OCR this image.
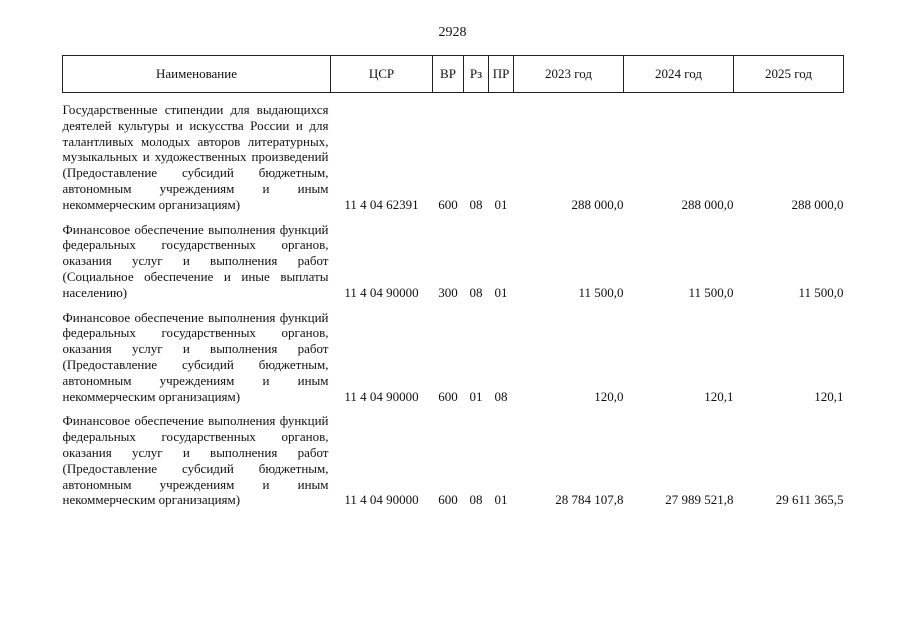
2928
Наименование	ЦСР	ВР	Рз	ПР	2023 год	2024 год	2025 год

Государственные стипендии для выдающихся деятелей культуры и искусства России и для талантливых молодых авторов литературных, музыкальных и художественных произведений (Предоставление субсидий бюджетным, автономным учреждениям и иным некоммерческим организациям)	11 4 04 62391	600	08	01	288 000,0	288 000,0	288 000,0

Финансовое обеспечение выполнения функций федеральных государственных органов, оказания услуг и выполнения работ (Социальное обеспечение и иные выплаты населению)	11 4 04 90000	300	08	01	11 500,0	11 500,0	11 500,0

Финансовое обеспечение выполнения функций федеральных государственных органов, оказания услуг и выполнения работ (Предоставление субсидий бюджетным, автономным учреждениям и иным некоммерческим организациям)	11 4 04 90000	600	01	08	120,0	120,1	120,1

Финансовое обеспечение выполнения функций федеральных государственных органов, оказания услуг и выполнения работ (Предоставление субсидий бюджетным, автономным учреждениям и иным некоммерческим организациям)	11 4 04 90000	600	08	01	28 784 107,8	27 989 521,8	29 611 365,5
